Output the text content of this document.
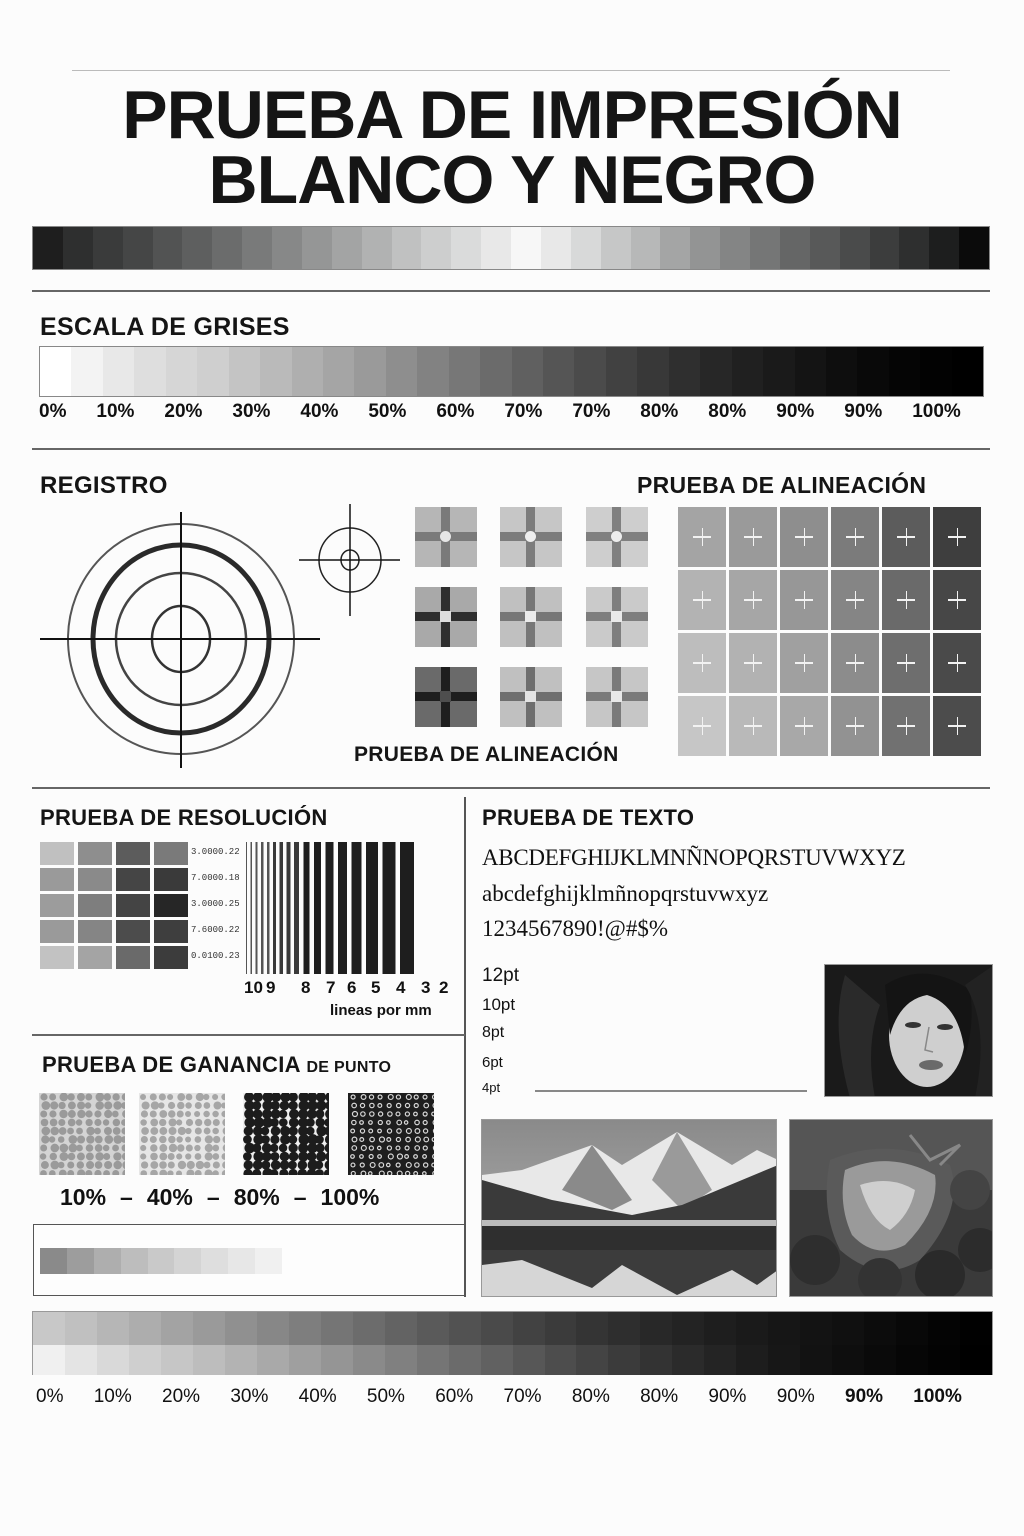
PRUEBA DE IMPRESIÓN
BLANCO Y NEGRO
ESCALA DE GRISES
0% 10% 20% 30% 40% 50% 60% 70% 70% 80% 80% 90% 90% 100%
REGISTRO
PRUEBA DE ALINEACIÓN
PRUEBA DE ALINEACIÓN
PRUEBA DE RESOLUCIÓN
3.0000.22
7.0000.18
3.0000.25
7.6000.22
0.0100.23
10 9 8 7 6 5 4 3 2
lineas por mm
PRUEBA DE GANANCIA DE PUNTO
10% – 40% – 80% – 100%
PRUEBA DE TEXTO
ABCDEFGHIJKLMNÑNOPQRSTUVWXYZ
abcdefghijklmñnopqrstuvwxyz
1234567890!@#$%
12pt
10pt
8pt
6pt
4pt
0% 10% 20% 30% 40% 50% 60% 70% 80% 80% 90% 90% 90% 100%
